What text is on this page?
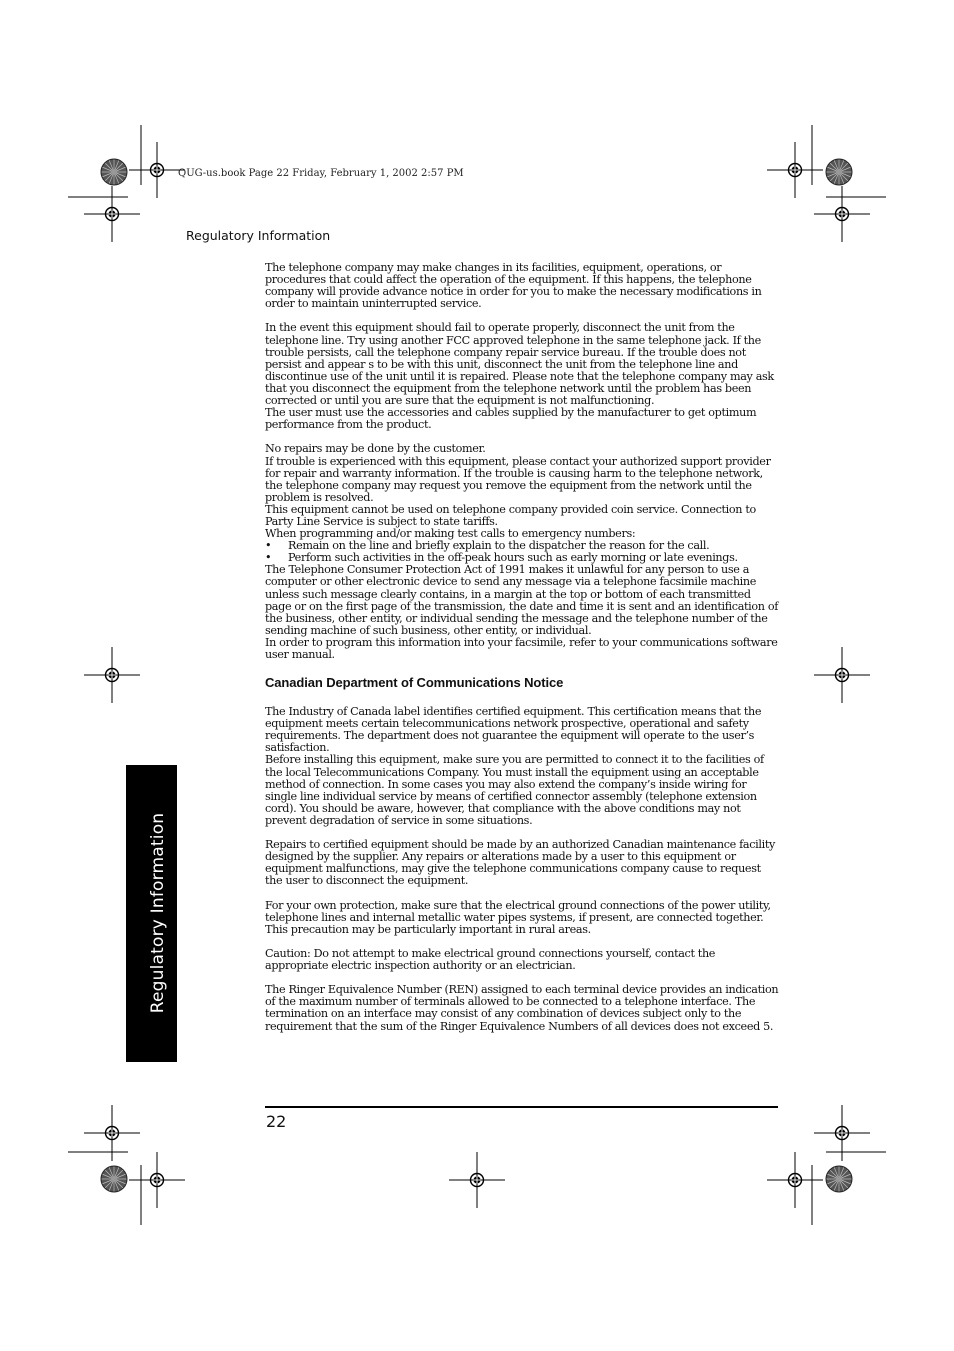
QUG-us.book Page 22 Friday, February 1, 2002 2:57 PM
Regulatory Information
Regulatory Information

The telephone company may make changes in its facilities, equipment, operations, or procedures that could affect the operation of the equipment. If this happens, the telephone company will provide advance notice in order for you to make the necessary modifications in order to maintain uninterrupted service.

In the event this equipment should fail to operate properly, disconnect the unit from the telephone line. Try using another FCC approved telephone in the same telephone jack. If the trouble persists, call the telephone company repair service bureau. If the trouble does not persist and appear s to be with this unit, disconnect the unit from the telephone line and discontinue use of the unit until it is repaired. Please note that the telephone company may ask that you disconnect the equipment from the telephone network until the problem has been corrected or until you are sure that the equipment is not malfunctioning.

The user must use the accessories and cables supplied by the manufacturer to get optimum performance from the product.

No repairs may be done by the customer.

If trouble is experienced with this equipment, please contact your authorized support provider for repair and warranty information. If the trouble is causing harm to the telephone network, the telephone company may request you remove the equipment from the network until the problem is resolved.

This equipment cannot be used on telephone company provided coin service. Connection to Party Line Service is subject to state tariffs.

When programming and/or making test calls to emergency numbers:

• Remain on the line and briefly explain to the dispatcher the reason for the call.

• Perform such activities in the off-peak hours such as early morning or late evenings.

The Telephone Consumer Protection Act of 1991 makes it unlawful for any person to use a computer or other electronic device to send any message via a telephone facsimile machine unless such message clearly contains, in a margin at the top or bottom of each transmitted page or on the first page of the transmission, the date and time it is sent and an identification of the business, other entity, or individual sending the message and the telephone number of the sending machine of such business, other entity, or individual.

In order to program this information into your facsimile, refer to your communications software user manual.

Canadian Department of Communications Notice

The Industry of Canada label identifies certified equipment. This certification means that the equipment meets certain telecommunications network prospective, operational and safety requirements. The department does not guarantee the equipment will operate to the user’s satisfaction.

Before installing this equipment, make sure you are permitted to connect it to the facilities of the local Telecommunications Company. You must install the equipment using an acceptable method of connection. In some cases you may also extend the company’s inside wiring for single line individual service by means of certified connector assembly (telephone extension cord). You should be aware, however, that compliance with the above conditions may not prevent degradation of service in some situations.

Repairs to certified equipment should be made by an authorized Canadian maintenance facility designed by the supplier. Any repairs or alterations made by a user to this equipment or equipment malfunctions, may give the telephone communications company cause to request the user to disconnect the equipment.

For your own protection, make sure that the electrical ground connections of the power utility, telephone lines and internal metallic water pipes systems, if present, are connected together. This precaution may be particularly important in rural areas.

Caution: Do not attempt to make electrical ground connections yourself, contact the appropriate electric inspection authority or an electrician.

The Ringer Equivalence Number (REN) assigned to each terminal device provides an indication of the maximum number of terminals allowed to be connected to a telephone interface. The termination on an interface may consist of any combination of devices subject only to the requirement that the sum of the Ringer Equivalence Numbers of all devices does not exceed 5.

22
